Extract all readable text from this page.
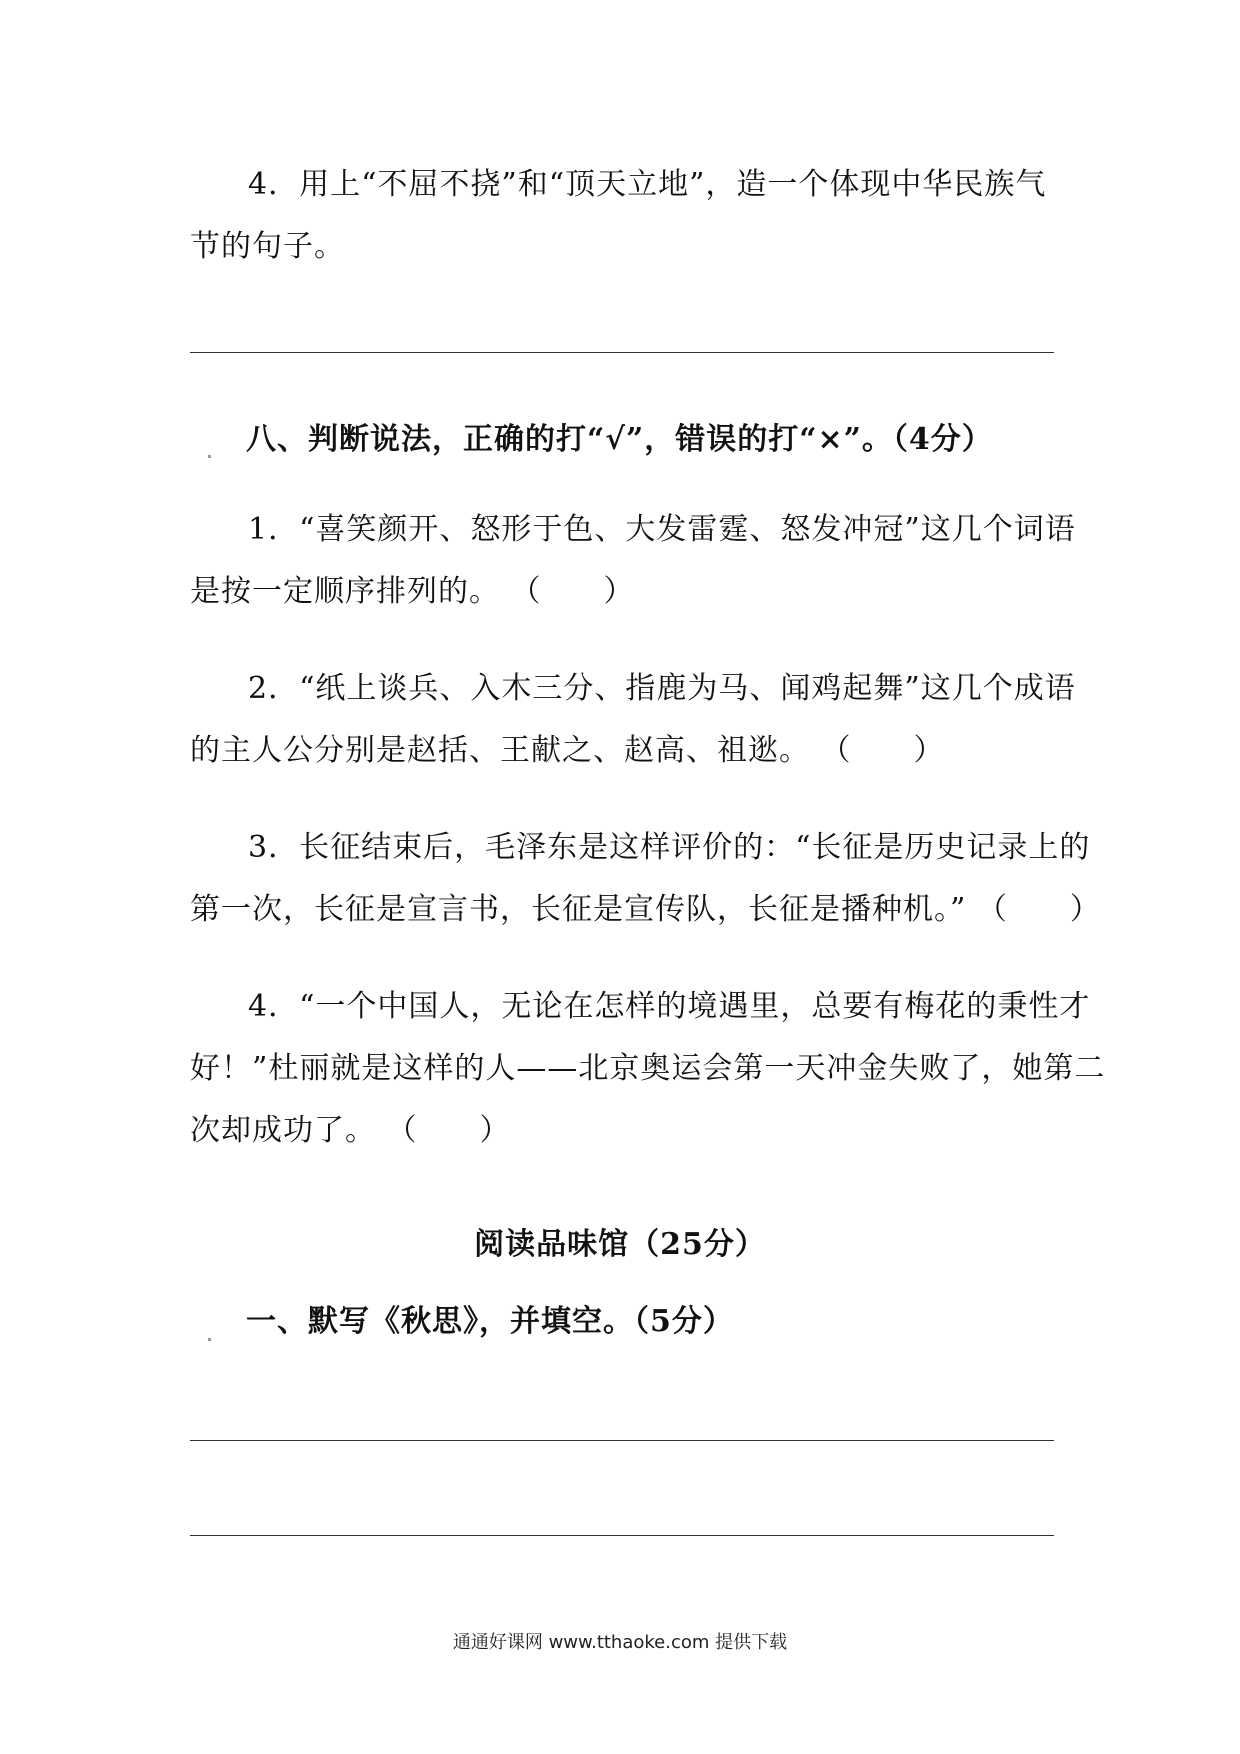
4．用上“不屈不挠”和“顶天立地”，造一个体现中华民族气
节的句子。
八、判断说法，正确的打“√”，错误的打“×”。（4分）
1．“喜笑颜开、怒形于色、大发雷霆、怒发冲冠”这几个词语
是按一定顺序排列的。 （　　）
2．“纸上谈兵、入木三分、指鹿为马、闻鸡起舞”这几个成语
的主人公分别是赵括、王献之、赵高、祖逖。 （　　）
3．长征结束后，毛泽东是这样评价的：“长征是历史记录上的
第一次，长征是宣言书，长征是宣传队，长征是播种机。” （　　）
4．“一个中国人，无论在怎样的境遇里，总要有梅花的秉性才
好！”杜丽就是这样的人——北京奥运会第一天冲金失败了，她第二
次却成功了。 （　　）
阅读品味馆（25分）
一、默写《秋思》，并填空。（5分）
通通好课网 www.tthaoke.com 提供下载
